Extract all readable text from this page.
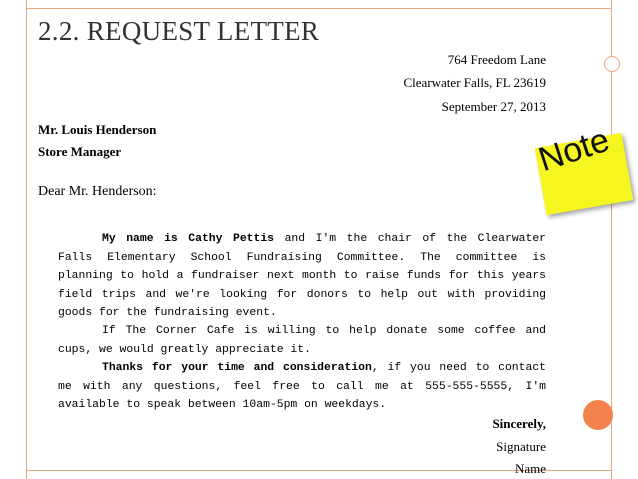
2.2. REQUEST LETTER
764 Freedom Lane
Clearwater Falls, FL 23619
September 27, 2013
Mr. Louis Henderson
Store Manager
Dear Mr. Henderson:

My name is Cathy Pettis and I'm the chair of the Clearwater Falls Elementary School Fundraising Committee. The committee is planning to hold a fundraiser next month to raise funds for this years field trips and we're looking for donors to help out with providing goods for the fundraising event.

If The Corner Cafe is willing to help donate some coffee and cups, we would greatly appreciate it.

Thanks for your time and consideration, if you need to contact me with any questions, feel free to call me at 555-555-5555, I'm available to speak between 10am-5pm on weekdays.

Sincerely,
Signature
Name
Note
